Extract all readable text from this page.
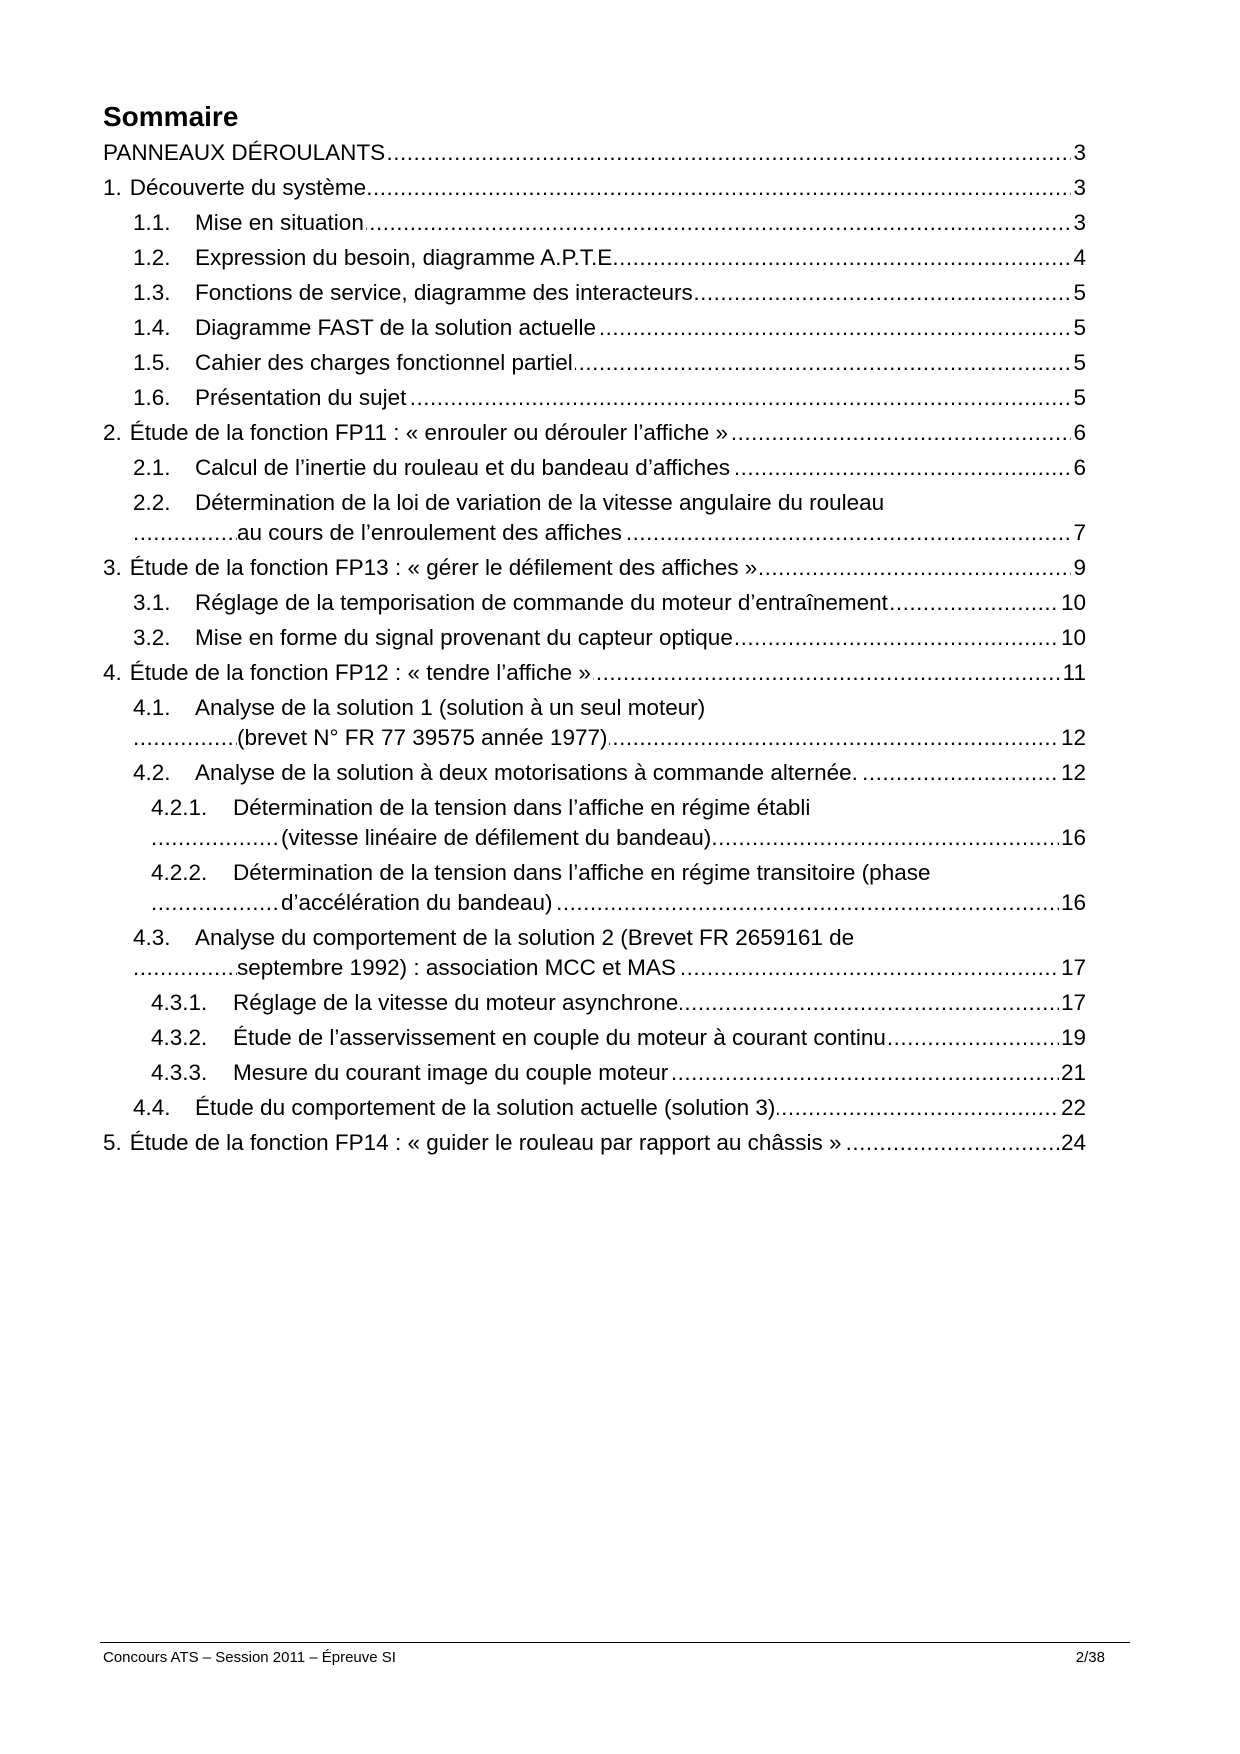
Sommaire
PANNEAUX DÉROULANTS	3
.....
1. Découverte du système	3
.....
1.1. Mise en situation	3
.....
1.2. Expression du besoin, diagramme A.P.T.E.	4
.....
1.3. Fonctions de service, diagramme des interacteurs	5
.....
1.4. Diagramme FAST de la solution actuelle	5
.....
1.5. Cahier des charges fonctionnel partiel	5
.....
1.6. Présentation du sujet	5
.....
2. Étude de la fonction FP11 : « enrouler ou dérouler l’affiche »	6
.....
2.1. Calcul de l’inertie du rouleau et du bandeau d’affiches	6
.....
2.2. Détermination de la loi de variation de la vitesse angulaire du rouleau
au cours de l’enroulement des affiches	7
.....
3. Étude de la fonction FP13 : « gérer le défilement des affiches »	9
.....
3.1. Réglage de la temporisation de commande du moteur d’entraînement	10
.....
3.2. Mise en forme du signal provenant du capteur optique	10
.....
4. Étude de la fonction FP12 : « tendre l’affiche »	11
.....
4.1. Analyse de la solution 1 (solution à un seul moteur)
(brevet N° FR 77 39575 année 1977)	12
.....
4.2. Analyse de la solution à deux motorisations à commande alternée.	12
.....
4.2.1. Détermination de la tension dans l’affiche en régime établi
(vitesse linéaire de défilement du bandeau)	16
.....
4.2.2. Détermination de la tension dans l’affiche en régime transitoire (phase
d’accélération du bandeau)	16
.....
4.3. Analyse du comportement de la solution 2 (Brevet FR 2659161 de
septembre 1992) : association MCC et MAS	17
.....
4.3.1. Réglage de la vitesse du moteur asynchrone	17
.....
4.3.2. Étude de l’asservissement en couple du moteur à courant continu	19
.....
4.3.3. Mesure du courant image du couple moteur	21
.....
4.4. Étude du comportement de la solution actuelle (solution 3)	22
.....
5. Étude de la fonction FP14 : « guider le rouleau par rapport au châssis »	24
.....
Concours ATS – Session 2011 – Épreuve SI	2/38
